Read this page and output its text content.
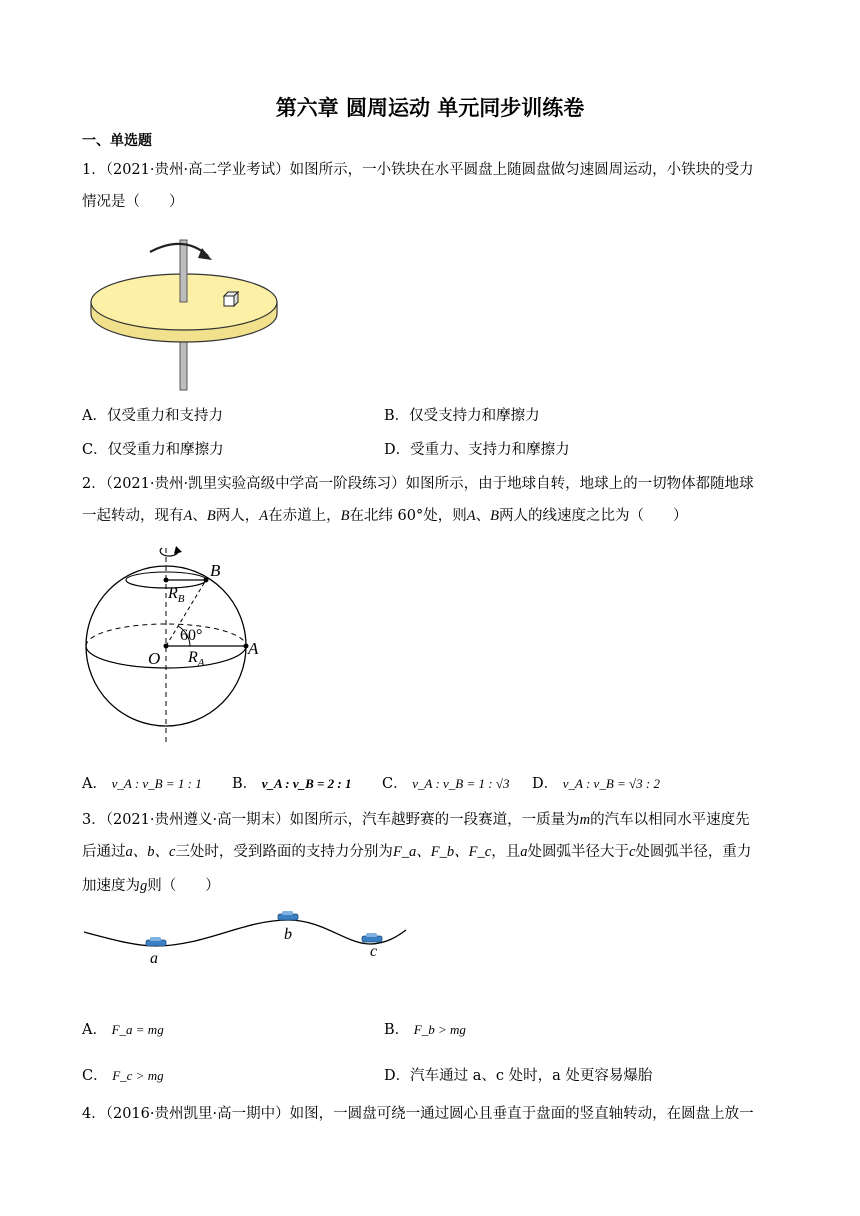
第六章 圆周运动 单元同步训练卷
一、单选题
1．（2021·贵州·高二学业考试）如图所示，一小铁块在水平圆盘上随圆盘做匀速圆周运动，小铁块的受力
情况是（　　）
A．仅受重力和支持力	B．仅受支持力和摩擦力
C．仅受重力和摩擦力	D．受重力、支持力和摩擦力
2．（2021·贵州·凯里实验高级中学高一阶段练习）如图所示，由于地球自转，地球上的一切物体都随地球
一起转动，现有A、B两人，A在赤道上，B在北纬 60°处，则A、B两人的线速度之比为（　　）
B
$R_B$
60°
O $R_A$
A
A． v_A : v_B = 1 : 1 B． v_A : v_B = 2 : 1 C． v_A : v_B = 1 : √3 D． v_A : v_B = √3 : 2
3．（2021·贵州遵义·高一期末）如图所示，汽车越野赛的一段赛道，一质量为m的汽车以相同水平速度先
后通过a、b、c三处时，受到路面的支持力分别为F_a、F_b、F_c，且a处圆弧半径大于c处圆弧半径，重力
加速度为g则（　　）
a
b
c
A． F_a = mg	B． F_b > mg
C． F_c > mg	D．汽车通过 a、c 处时，a 处更容易爆胎
4．（2016·贵州凯里·高一期中）如图，一圆盘可绕一通过圆心且垂直于盘面的竖直轴转动，在圆盘上放一
